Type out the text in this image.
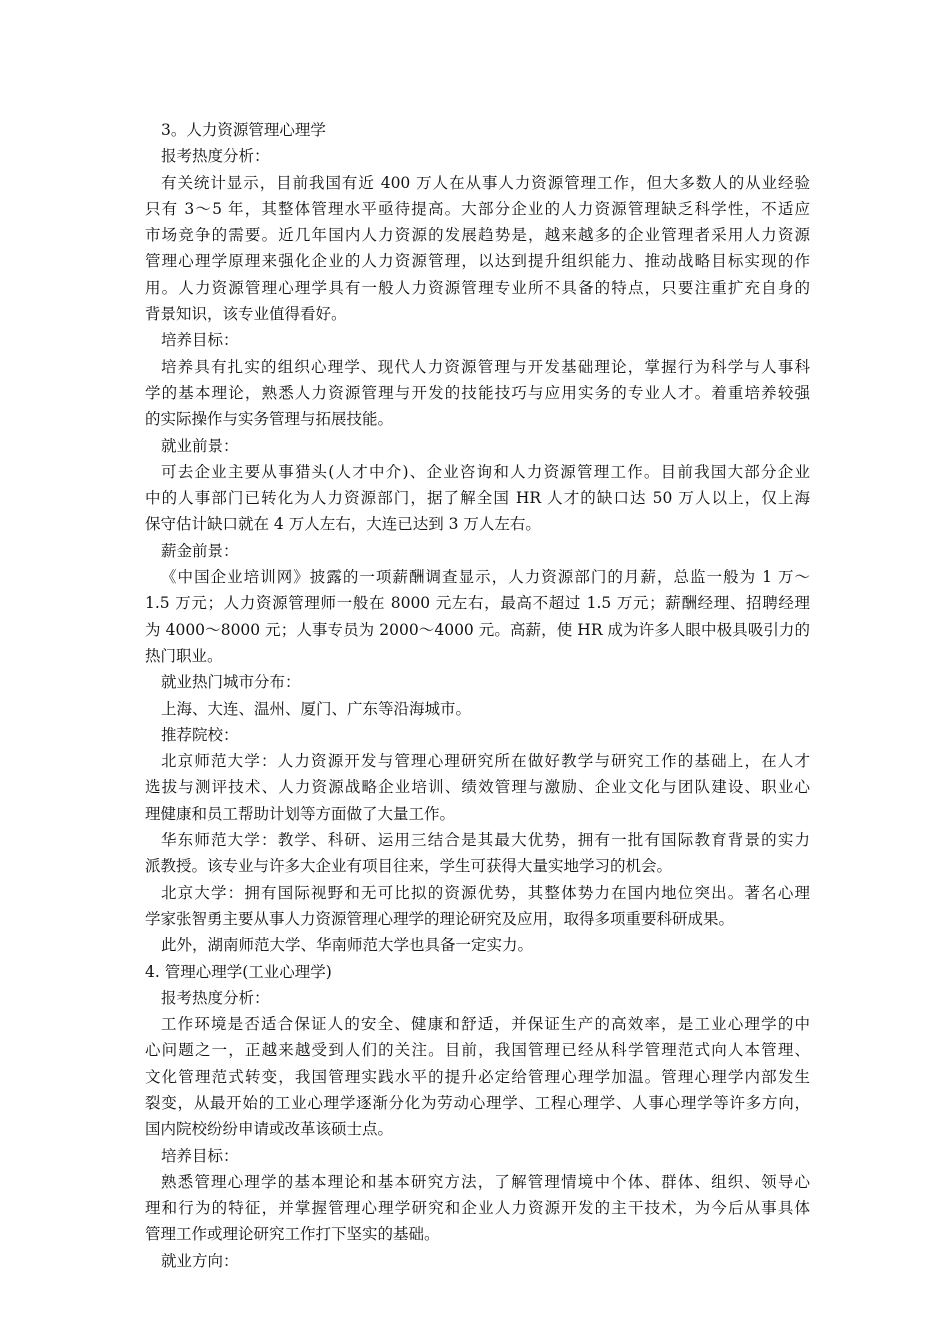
3。人力资源管理心理学
报考热度分析：
有关统计显示，目前我国有近 400 万人在从事人力资源管理工作，但大多数人的从业经验
只有 3～5 年，其整体管理水平亟待提高。大部分企业的人力资源管理缺乏科学性，不适应
市场竞争的需要。近几年国内人力资源的发展趋势是，越来越多的企业管理者采用人力资源
管理心理学原理来强化企业的人力资源管理，以达到提升组织能力、推动战略目标实现的作
用。人力资源管理心理学具有一般人力资源管理专业所不具备的特点，只要注重扩充自身的
背景知识，该专业值得看好。
培养目标：
培养具有扎实的组织心理学、现代人力资源管理与开发基础理论，掌握行为科学与人事科
学的基本理论，熟悉人力资源管理与开发的技能技巧与应用实务的专业人才。着重培养较强
的实际操作与实务管理与拓展技能。
就业前景：
可去企业主要从事猎头(人才中介)、企业咨询和人力资源管理工作。目前我国大部分企业
中的人事部门已转化为人力资源部门，据了解全国 HR 人才的缺口达 50 万人以上，仅上海
保守估计缺口就在 4 万人左右，大连已达到 3 万人左右。
薪金前景：
《中国企业培训网》披露的一项薪酬调查显示，人力资源部门的月薪，总监一般为 1 万～
1.5 万元；人力资源管理师一般在 8000 元左右，最高不超过 1.5 万元；薪酬经理、招聘经理
为 4000～8000 元；人事专员为 2000～4000 元。高薪，使 HR 成为许多人眼中极具吸引力的
热门职业。
就业热门城市分布：
上海、大连、温州、厦门、广东等沿海城市。
推荐院校：
北京师范大学：人力资源开发与管理心理研究所在做好教学与研究工作的基础上，在人才
选拔与测评技术、人力资源战略企业培训、绩效管理与激励、企业文化与团队建设、职业心
理健康和员工帮助计划等方面做了大量工作。
华东师范大学：教学、科研、运用三结合是其最大优势，拥有一批有国际教育背景的实力
派教授。该专业与许多大企业有项目往来，学生可获得大量实地学习的机会。
北京大学：拥有国际视野和无可比拟的资源优势，其整体势力在国内地位突出。著名心理
学家张智勇主要从事人力资源管理心理学的理论研究及应用，取得多项重要科研成果。
此外，湖南师范大学、华南师范大学也具备一定实力。
4. 管理心理学(工业心理学)
报考热度分析：
工作环境是否适合保证人的安全、健康和舒适，并保证生产的高效率，是工业心理学的中
心问题之一，正越来越受到人们的关注。目前，我国管理已经从科学管理范式向人本管理、
文化管理范式转变，我国管理实践水平的提升必定给管理心理学加温。管理心理学内部发生
裂变，从最开始的工业心理学逐渐分化为劳动心理学、工程心理学、人事心理学等许多方向，
国内院校纷纷申请或改革该硕士点。
培养目标：
熟悉管理心理学的基本理论和基本研究方法，了解管理情境中个体、群体、组织、领导心
理和行为的特征，并掌握管理心理学研究和企业人力资源开发的主干技术，为今后从事具体
管理工作或理论研究工作打下坚实的基础。
就业方向：
